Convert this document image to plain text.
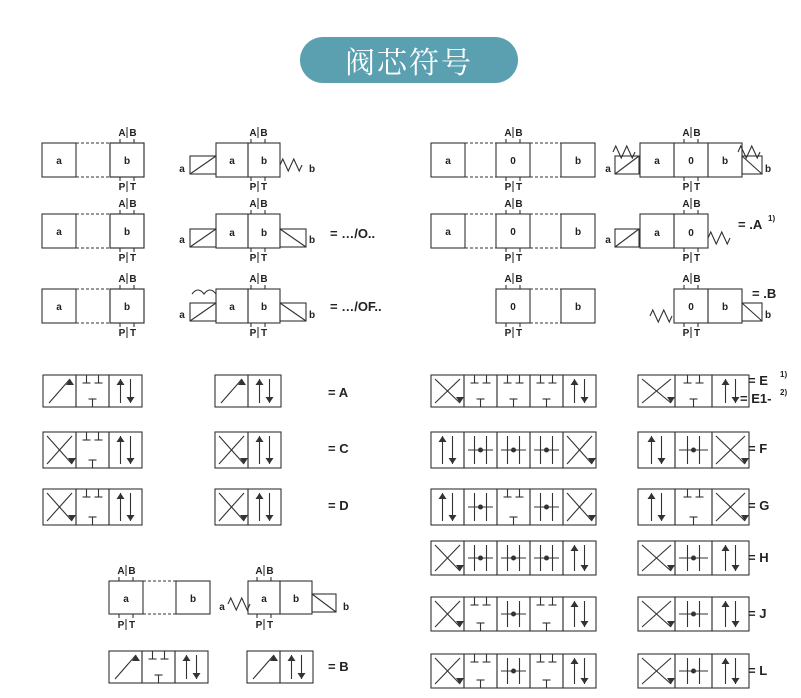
阀芯符号
a	b
A B
P T
a	b
A B
P T
a	b
A B
P T
a
a	b
A B
P T
b
a
a	b
A B
P T
b = …/O..
a
a	b
A B
P T
b
= …/OF..
a	0	b
A B
P T
a	0	b
A B
P T
0	b
A B
P T
a
a	0	b
A B
P T
b
a
a	0
A B
P T
= .A 1)
0	b
A B
P T
b
= .B
= A
= C
= D
a	b
A B
P T
a
a	b
A B
P T
b
= B
= E 1)
= E1- 2)
= F
= G
= H
= J
= L
